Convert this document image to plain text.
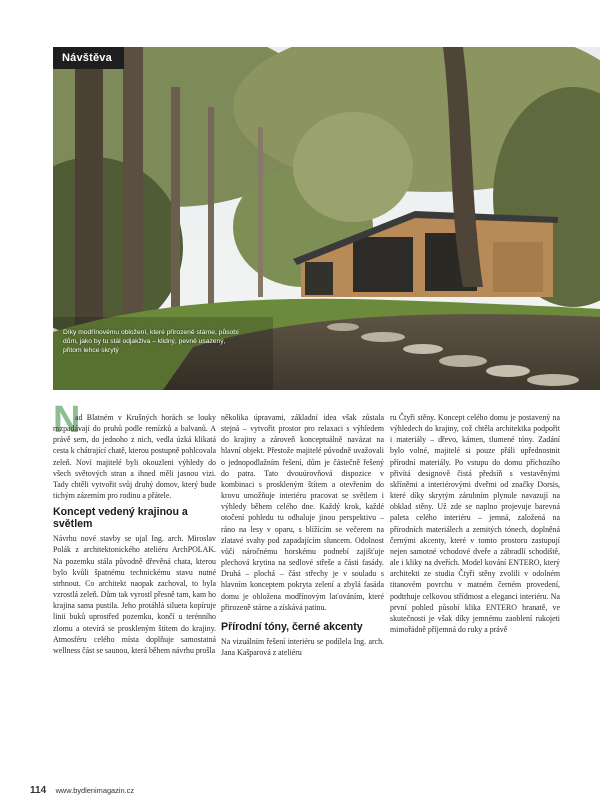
Návštěva
Díky modřínovému obložení, které přirozeně stárne, působí dům, jako by tu stál odjakživa – klidný, pevně usazený, přitom lehce skrytý
N

ad Blatném v Krušných horách se louky rozpadávají do pruhů podle remízků a balvanů. A právě sem, do jednoho z nich, vedla úzká klikatá cesta k chátrající chatě, kterou postupně pohlcovala zeleň. Noví majitelé byli okouzleni výhledy do všech světových stran a ihned měli jasnou vizi. Tady chtěli vytvořit svůj druhý domov, který bude tichým zázemím pro rodinu a přátele.

Koncept vedený krajinou a světlem

Návrhu nové stavby se ujal Ing. arch. Miroslav Polák z architektonického ateliéru ArchPOLAK. Na pozemku stála původně dřevěná chata, kterou bylo kvůli špatnému technickému stavu nutné strhnout. Co architekt naopak zachoval, to byla vzrostlá zeleň. Dům tak vyrostl přesně tam, kam ho krajina sama pustila. Jeho protáhlá silueta kopíruje linii buků uprostřed pozemku, končí u terénního zlomu a otevírá se proskleným štítem do krajiny. Atmosféru celého místa doplňuje samostatná wellness část se saunou, která během návrhu prošla

několika úpravami, základní idea však zůstala stejná – vytvořit prostor pro relaxaci s výhledem do krajiny a zároveň konceptuálně navázat na hlavní objekt. Přestože majitelé původně uvažovali o jednopodlažním řešení, dům je částečně řešený do patra. Tato dvouúrovňová dispozice v kombinaci s proskleným štítem a otevřením do krovu umožňuje interiéru pracovat se světlem i výhledy během celého dne. Každý krok, každé otočení pohledu tu odhaluje jinou perspektivu – ráno na lesy v oparu, s blížícím se večerem na zlatavé svahy pod zapadajícím sluncem. Odolnost vůči náročnému horskému podnebí zajišťuje plechová krytina na sedlové střeše a části fasády. Druhá – plochá – část střechy je v souladu s hlavním konceptem pokryta zelení a zbylá fasáda domu je obložena modřínovým laťováním, které přirozeně stárne a získává patinu.

Přírodní tóny, černé akcenty

Na vizuálním řešení interiéru se podílela Ing. arch. Jana Kašparová z ateliéru

ru Čtyři stěny. Koncept celého domu je postavený na výhledech do krajiny, což chtěla architektka podpořit i materiály – dřevo, kámen, tlumené tóny. Zadání bylo volné, majitelé si pouze přáli upřednostnit přírodní materiály. Po vstupu do domu příchozího přivítá designově čistá předsíň s vestavěnými skříněmi a interiérovými dveřmi od značky Dorsis, které díky skrytým zárubním plynule navazují na obklad stěny. Už zde se naplno projevuje barevná paleta celého interiéru – jemná, založená na přírodních materiálech a zemitých tónech, doplněná černými akcenty, které v tomto prostoru zastupují nejen samotné vchodové dveře a zábradlí schodiště, ale i kliky na dveřích. Model kování ENTERO, který architekti ze studia Čtyři stěny zvolili v odolném titanovém povrchu v matném černém provedení, podtrhuje celkovou střídmost a eleganci interiéru. Na první pohled působí klika ENTERO hranatě, ve skutečnosti je však díky jemnému zaoblení rukojeti mimořádně příjemná do ruky a právě

114 www.bydlenimagazin.cz
